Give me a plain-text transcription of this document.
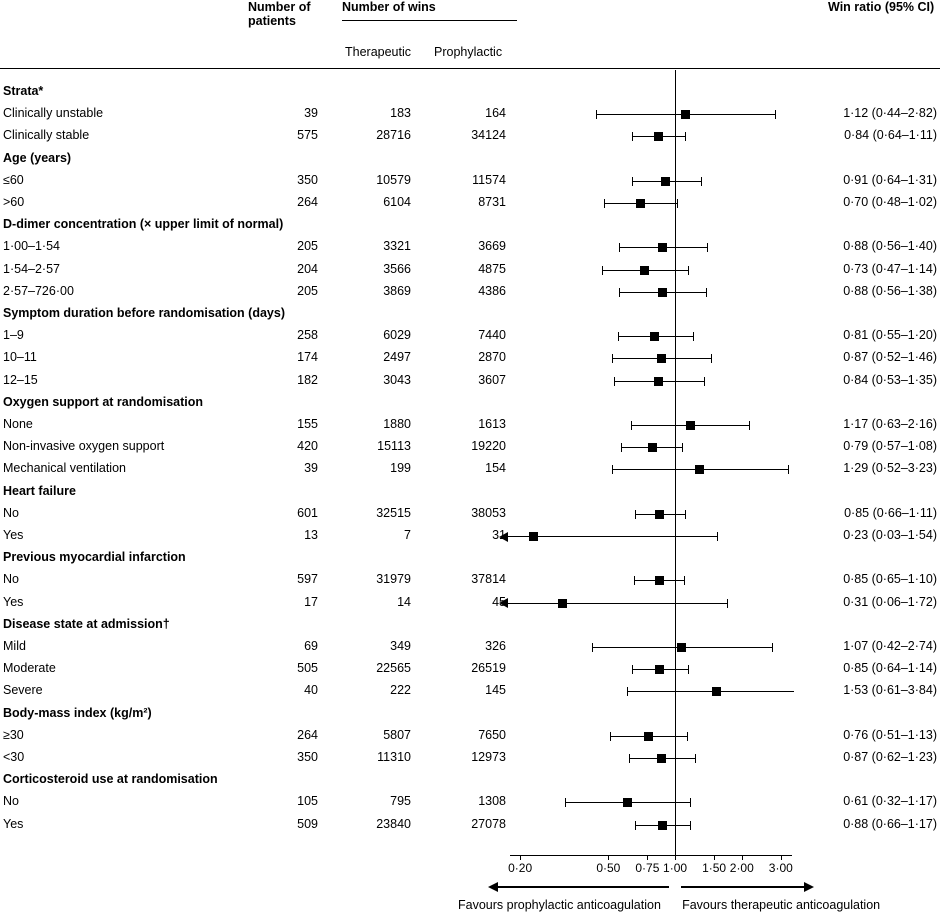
Number of
patients
Number of wins	Win ratio (95% CI)
Therapeutic Prophylactic
Strata*
Clinically unstable	39	183	164	1·12 (0·44–2·82)
Clinically stable	575	28716	34124	0·84 (0·64–1·11)
Age (years)
≤60	350	10579	11574	0·91 (0·64–1·31)
>60	264	6104	8731	0·70 (0·48–1·02)
D-dimer concentration (× upper limit of normal)
1·00–1·54	205	3321	3669	0·88 (0·56–1·40)
1·54–2·57	204	3566	4875	0·73 (0·47–1·14)
2·57–726·00	205	3869	4386	0·88 (0·56–1·38)
Symptom duration before randomisation (days)
1–9	258	6029	7440	0·81 (0·55–1·20)
10–11	174	2497	2870	0·87 (0·52–1·46)
12–15	182	3043	3607	0·84 (0·53–1·35)
Oxygen support at randomisation
None	155	1880	1613	1·17 (0·63–2·16)
Non-invasive oxygen support	420	15113	19220	0·79 (0·57–1·08)
Mechanical ventilation	39	199	154	1·29 (0·52–3·23)
Heart failure
No	601	32515	38053	0·85 (0·66–1·11)
Yes	13	7	31	0·23 (0·03–1·54)
Previous myocardial infarction
No	597	31979	37814	0·85 (0·65–1·10)
Yes	17	14	45	0·31 (0·06–1·72)
Disease state at admission†
Mild	69	349	326	1·07 (0·42–2·74)
Moderate	505	22565	26519	0·85 (0·64–1·14)
Severe	40	222	145	1·53 (0·61–3·84)
Body-mass index (kg/m²)
≥30	264	5807	7650	0·76 (0·51–1·13)
<30	350	11310	12973	0·87 (0·62–1·23)
Corticosteroid use at randomisation
No	105	795	1308	0·61 (0·32–1·17)
Yes	509	23840	27078	0·88 (0·66–1·17)
0·20	0·50	0·75 1·00	1·50 2·00	3·00
Favours prophylactic anticoagulation Favours therapeutic anticoagulation
